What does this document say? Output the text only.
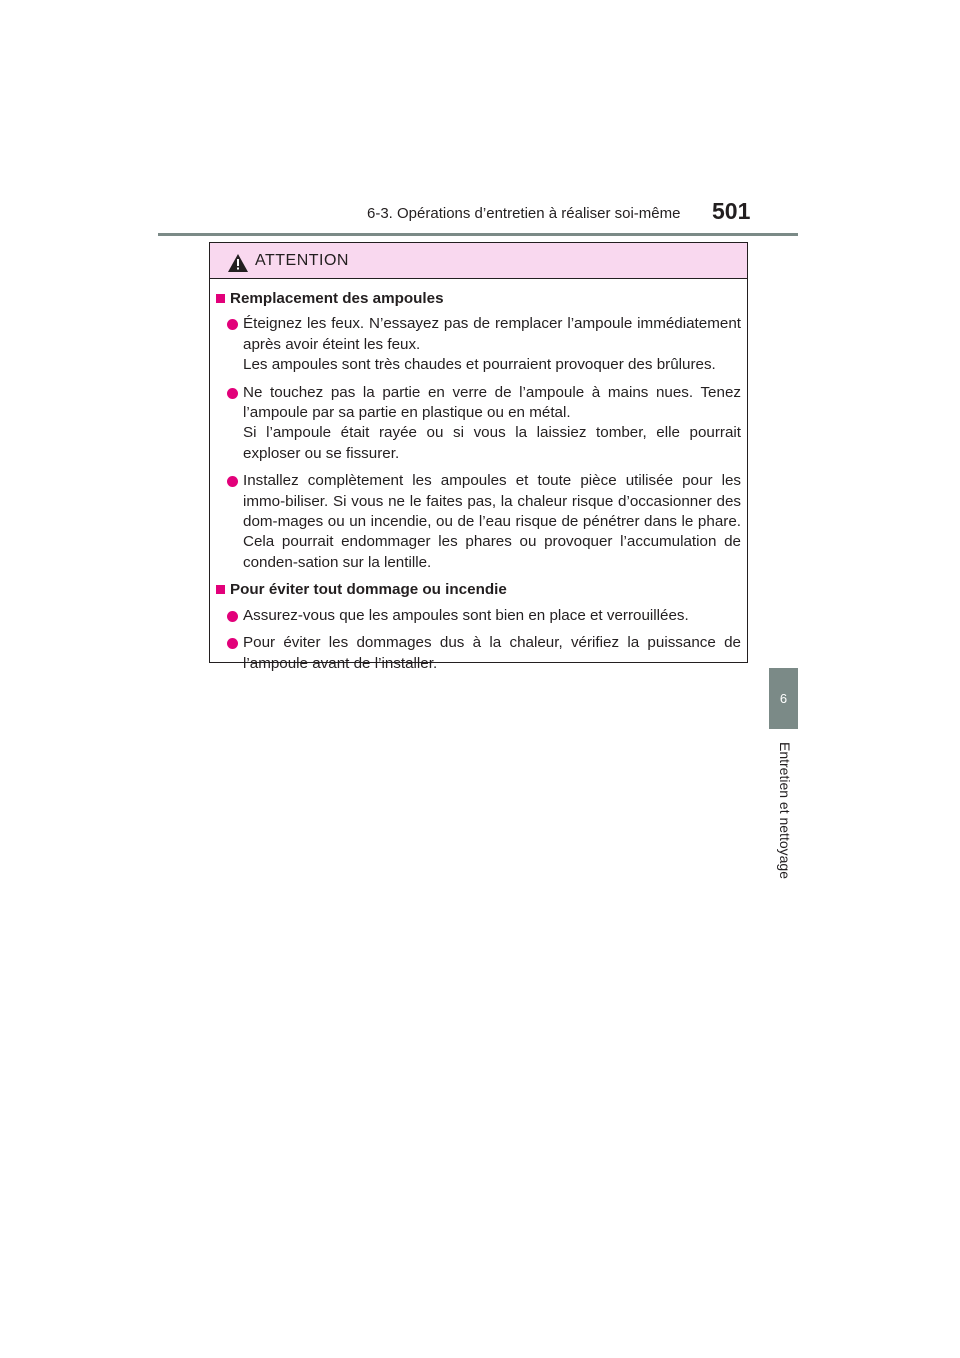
6-3. Opérations d’entretien à réaliser soi-même 501
6
Entretien et nettoyage
ATTENTION
Remplacement des ampoules

Éteignez les feux. N’essayez pas de remplacer l’ampoule immédiatement après avoir éteint les feux.

Les ampoules sont très chaudes et pourraient provoquer des brûlures.

Ne touchez pas la partie en verre de l’ampoule à mains nues. Tenez l’ampoule par sa partie en plastique ou en métal.

Si l’ampoule était rayée ou si vous la laissiez tomber, elle pourrait exploser ou se fissurer.

Installez complètement les ampoules et toute pièce utilisée pour les immo-biliser. Si vous ne le faites pas, la chaleur risque d’occasionner des dom-mages ou un incendie, ou de l’eau risque de pénétrer dans le phare. Cela pourrait endommager les phares ou provoquer l’accumulation de conden-sation sur la lentille.

Pour éviter tout dommage ou incendie

Assurez-vous que les ampoules sont bien en place et verrouillées.

Pour éviter les dommages dus à la chaleur, vérifiez la puissance de l’ampoule avant de l’installer.
